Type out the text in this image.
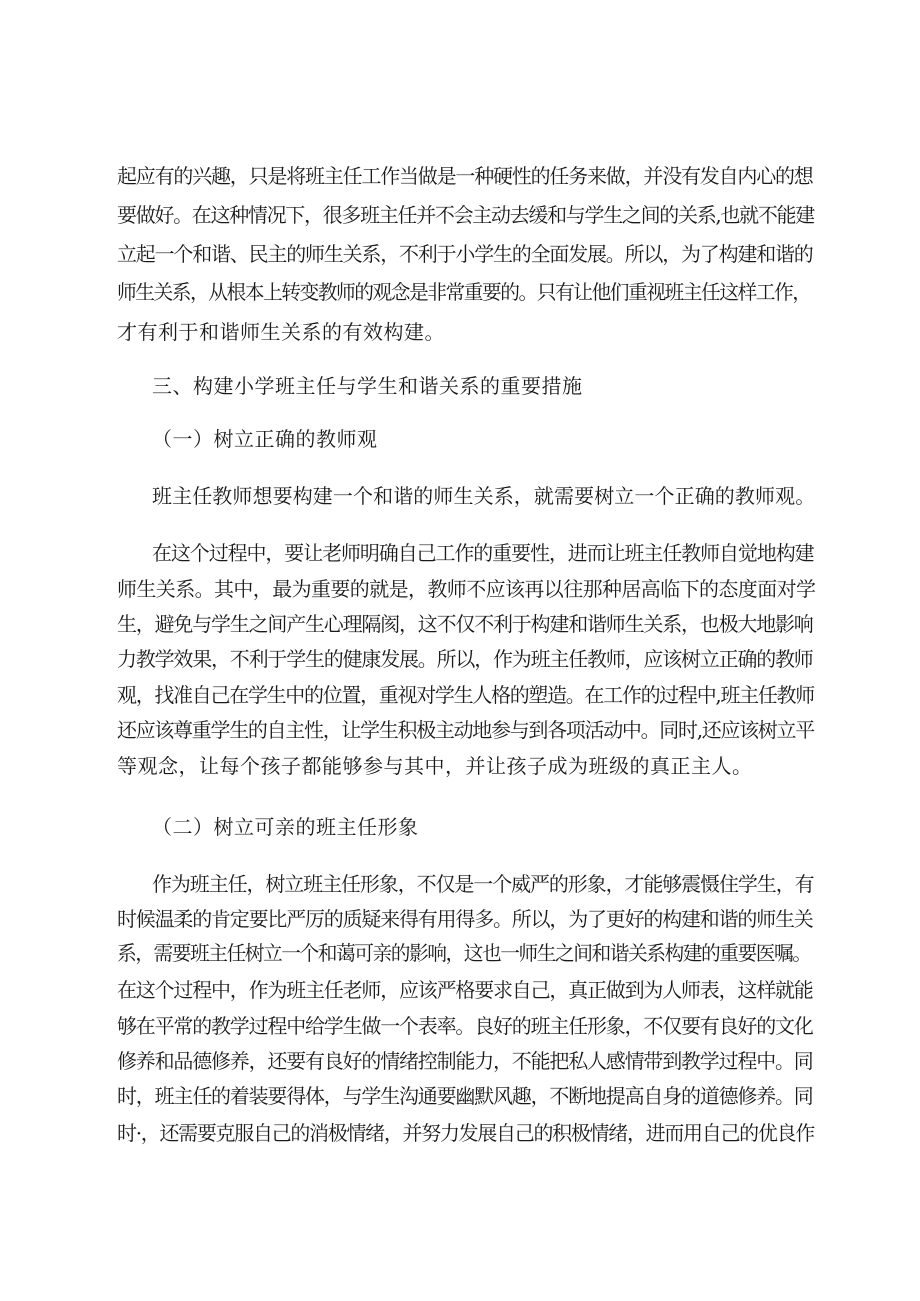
起应有的兴趣，只是将班主任工作当做是一种硬性的任务来做，并没有发自内心的想
要做好。在这种情况下，很多班主任并不会主动去缓和与学生之间的关系,也就不能建
立起一个和谐、民主的师生关系，不利于小学生的全面发展。所以，为了构建和谐的
师生关系，从根本上转变教师的观念是非常重要的。只有让他们重视班主任这样工作，
才有利于和谐师生关系的有效构建。
三、构建小学班主任与学生和谐关系的重要措施
（一）树立正确的教师观
班主任教师想要构建一个和谐的师生关系，就需要树立一个正确的教师观。
在这个过程中，要让老师明确自己工作的重要性，进而让班主任教师自觉地构建
师生关系。其中，最为重要的就是，教师不应该再以往那种居高临下的态度面对学
生，避免与学生之间产生心理隔阂，这不仅不利于构建和谐师生关系，也极大地影响
力教学效果，不利于学生的健康发展。所以，作为班主任教师，应该树立正确的教师
观，找准自己在学生中的位置，重视对学生人格的塑造。在工作的过程中,班主任教师
还应该尊重学生的自主性，让学生积极主动地参与到各项活动中。同时,还应该树立平
等观念，让每个孩子都能够参与其中，并让孩子成为班级的真正主人。
（二）树立可亲的班主任形象
作为班主任，树立班主任形象，不仅是一个威严的形象，才能够震慑住学生，有
时候温柔的肯定要比严厉的质疑来得有用得多。所以，为了更好的构建和谐的师生关
系，需要班主任树立一个和蔼可亲的影响，这也一师生之间和谐关系构建的重要医嘱。
在这个过程中，作为班主任老师，应该严格要求自己，真正做到为人师表，这样就能
够在平常的教学过程中给学生做一个表率。良好的班主任形象，不仅要有良好的文化
修养和品德修养，还要有良好的情绪控制能力，不能把私人感情带到教学过程中。同
时，班主任的着装要得体，与学生沟通要幽默风趣，不断地提高自身的道德修养。同
时·，还需要克服自己的消极情绪，并努力发展自己的积极情绪，进而用自己的优良作
